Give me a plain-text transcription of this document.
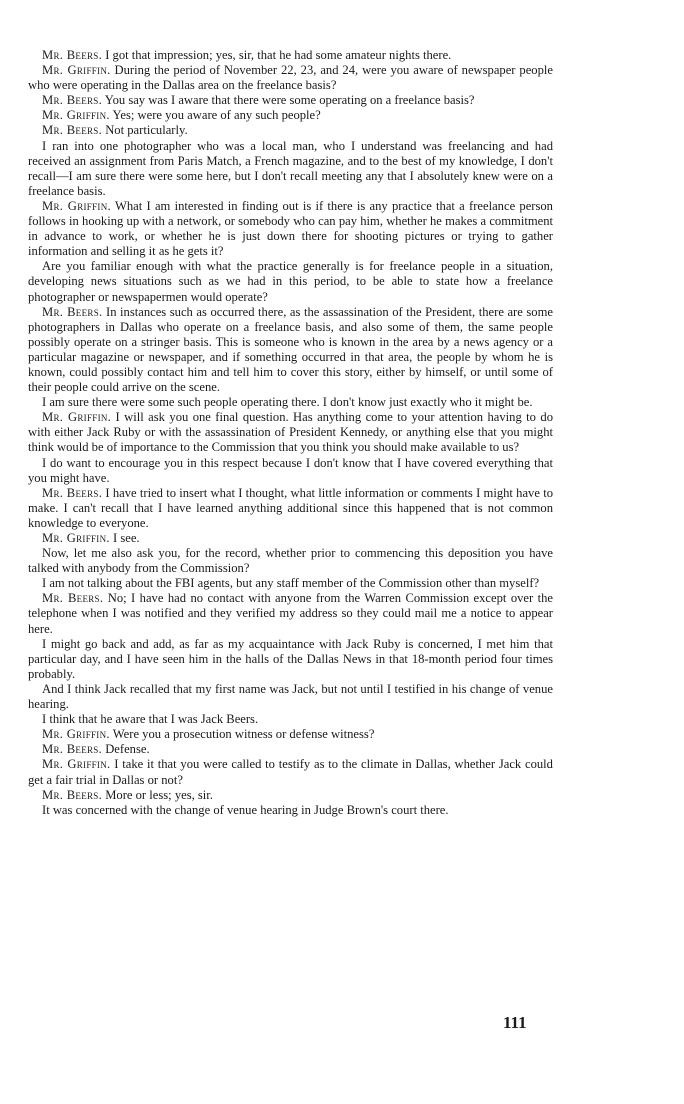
Mr. Beers. I got that impression; yes, sir, that he had some amateur nights there.

Mr. Griffin. During the period of November 22, 23, and 24, were you aware of newspaper people who were operating in the Dallas area on the freelance basis?

Mr. Beers. You say was I aware that there were some operating on a freelance basis?

Mr. Griffin. Yes; were you aware of any such people?

Mr. Beers. Not particularly.

I ran into one photographer who was a local man, who I understand was freelancing and had received an assignment from Paris Match, a French magazine, and to the best of my knowledge, I don't recall—I am sure there were some here, but I don't recall meeting any that I absolutely knew were on a freelance basis.

Mr. Griffin. What I am interested in finding out is if there is any practice that a freelance person follows in hooking up with a network, or somebody who can pay him, whether he makes a commitment in advance to work, or whether he is just down there for shooting pictures or trying to gather information and selling it as he gets it?

Are you familiar enough with what the practice generally is for freelance people in a situation, developing news situations such as we had in this period, to be able to state how a freelance photographer or newspapermen would operate?

Mr. Beers. In instances such as occurred there, as the assassination of the President, there are some photographers in Dallas who operate on a freelance basis, and also some of them, the same people possibly operate on a stringer basis. This is someone who is known in the area by a news agency or a particular magazine or newspaper, and if something occurred in that area, the people by whom he is known, could possibly contact him and tell him to cover this story, either by himself, or until some of their people could arrive on the scene.

I am sure there were some such people operating there. I don't know just exactly who it might be.

Mr. Griffin. I will ask you one final question. Has anything come to your attention having to do with either Jack Ruby or with the assassination of President Kennedy, or anything else that you might think would be of importance to the Commission that you think you should make available to us?

I do want to encourage you in this respect because I don't know that I have covered everything that you might have.

Mr. Beers. I have tried to insert what I thought, what little information or comments I might have to make. I can't recall that I have learned anything additional since this happened that is not common knowledge to everyone.

Mr. Griffin. I see.

Now, let me also ask you, for the record, whether prior to commencing this deposition you have talked with anybody from the Commission?

I am not talking about the FBI agents, but any staff member of the Commission other than myself?

Mr. Beers. No; I have had no contact with anyone from the Warren Commission except over the telephone when I was notified and they verified my address so they could mail me a notice to appear here.

I might go back and add, as far as my acquaintance with Jack Ruby is concerned, I met him that particular day, and I have seen him in the halls of the Dallas News in that 18-month period four times probably.

And I think Jack recalled that my first name was Jack, but not until I testified in his change of venue hearing.

I think that he aware that I was Jack Beers.

Mr. Griffin. Were you a prosecution witness or defense witness?

Mr. Beers. Defense.

Mr. Griffin. I take it that you were called to testify as to the climate in Dallas, whether Jack could get a fair trial in Dallas or not?

Mr. Beers. More or less; yes, sir.

It was concerned with the change of venue hearing in Judge Brown's court there.

111
